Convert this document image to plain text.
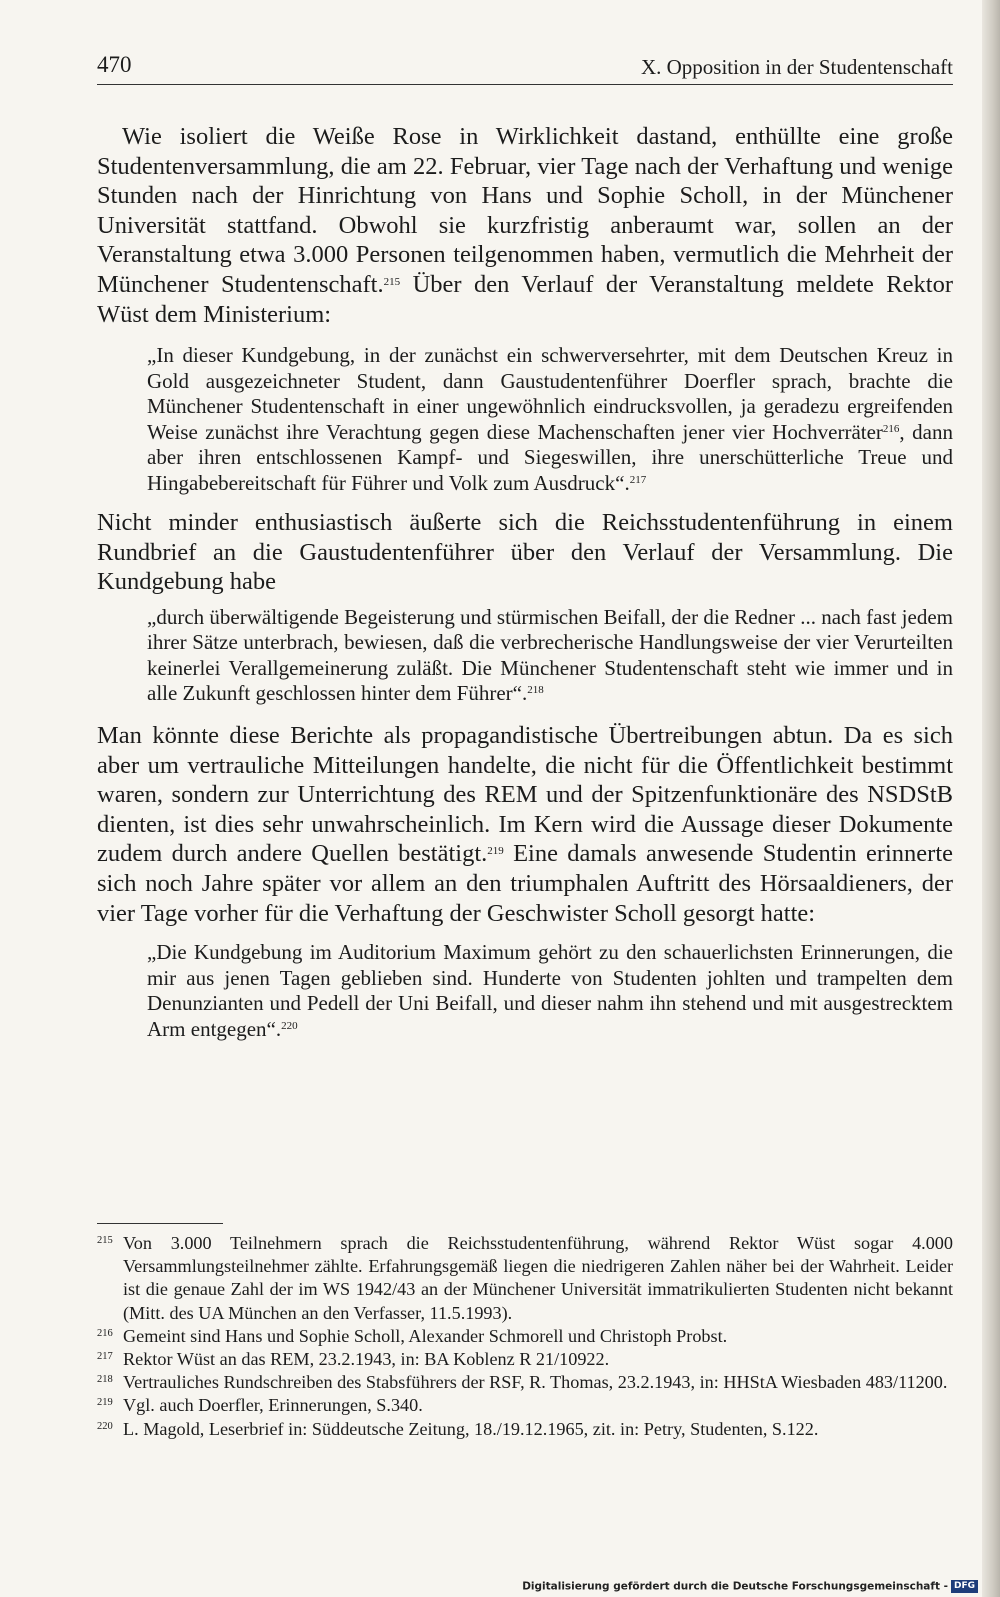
470	X. Opposition in der Studentenschaft

Wie isoliert die Weiße Rose in Wirklichkeit dastand, enthüllte eine große Studentenversammlung, die am 22. Februar, vier Tage nach der Verhaftung und wenige Stunden nach der Hinrichtung von Hans und Sophie Scholl, in der Münchener Universität stattfand. Obwohl sie kurzfristig anberaumt war, sollen an der Veranstaltung etwa 3.000 Personen teilgenommen haben, vermutlich die Mehrheit der Münchener Studentenschaft.$^{215}$ Über den Verlauf der Veranstaltung meldete Rektor Wüst dem Ministerium:

„In dieser Kundgebung, in der zunächst ein schwerversehrter, mit dem Deutschen Kreuz in Gold ausgezeichneter Student, dann Gaustudentenführer Doerfler sprach, brachte die Münchener Studentenschaft in einer ungewöhnlich eindrucksvollen, ja geradezu ergreifenden Weise zunächst ihre Verachtung gegen diese Machenschaften jener vier Hochverräter$^{216}$, dann aber ihren entschlossenen Kampf- und Siegeswillen, ihre unerschütterliche Treue und Hingabebereitschaft für Führer und Volk zum Ausdruck“.$^{217}$

Nicht minder enthusiastisch äußerte sich die Reichsstudentenführung in einem Rundbrief an die Gaustudentenführer über den Verlauf der Versammlung. Die Kundgebung habe

„durch überwältigende Begeisterung und stürmischen Beifall, der die Redner ... nach fast jedem ihrer Sätze unterbrach, bewiesen, daß die verbrecherische Handlungsweise der vier Verurteilten keinerlei Verallgemeinerung zuläßt. Die Münchener Studentenschaft steht wie immer und in alle Zukunft geschlossen hinter dem Führer“.$^{218}$

Man könnte diese Berichte als propagandistische Übertreibungen abtun. Da es sich aber um vertrauliche Mitteilungen handelte, die nicht für die Öffentlichkeit bestimmt waren, sondern zur Unterrichtung des REM und der Spitzenfunktionäre des NSDStB dienten, ist dies sehr unwahrscheinlich. Im Kern wird die Aussage dieser Dokumente zudem durch andere Quellen bestätigt.$^{219}$ Eine damals anwesende Studentin erinnerte sich noch Jahre später vor allem an den triumphalen Auftritt des Hörsaaldieners, der vier Tage vorher für die Verhaftung der Geschwister Scholl gesorgt hatte:

„Die Kundgebung im Auditorium Maximum gehört zu den schauerlichsten Erinnerungen, die mir aus jenen Tagen geblieben sind. Hunderte von Studenten johlten und trampelten dem Denunzianten und Pedell der Uni Beifall, und dieser nahm ihn stehend und mit ausgestrecktem Arm entgegen“.$^{220}$

215 Von 3.000 Teilnehmern sprach die Reichsstudentenführung, während Rektor Wüst sogar 4.000 Versammlungsteilnehmer zählte. Erfahrungsgemäß liegen die niedrigeren Zahlen näher bei der Wahrheit. Leider ist die genaue Zahl der im WS 1942/43 an der Münchener Universität immatrikulierten Studenten nicht bekannt (Mitt. des UA München an den Verfasser, 11.5.1993).

216 Gemeint sind Hans und Sophie Scholl, Alexander Schmorell und Christoph Probst.

217 Rektor Wüst an das REM, 23.2.1943, in: BA Koblenz R 21/10922.

218 Vertrauliches Rundschreiben des Stabsführers der RSF, R. Thomas, 23.2.1943, in: HHStA Wiesbaden 483/11200.

219 Vgl. auch Doerfler, Erinnerungen, S.340.

220 L. Magold, Leserbrief in: Süddeutsche Zeitung, 18./19.12.1965, zit. in: Petry, Studenten, S.122.

Digitalisierung gefördert durch die Deutsche Forschungsgemeinschaft - DFG
